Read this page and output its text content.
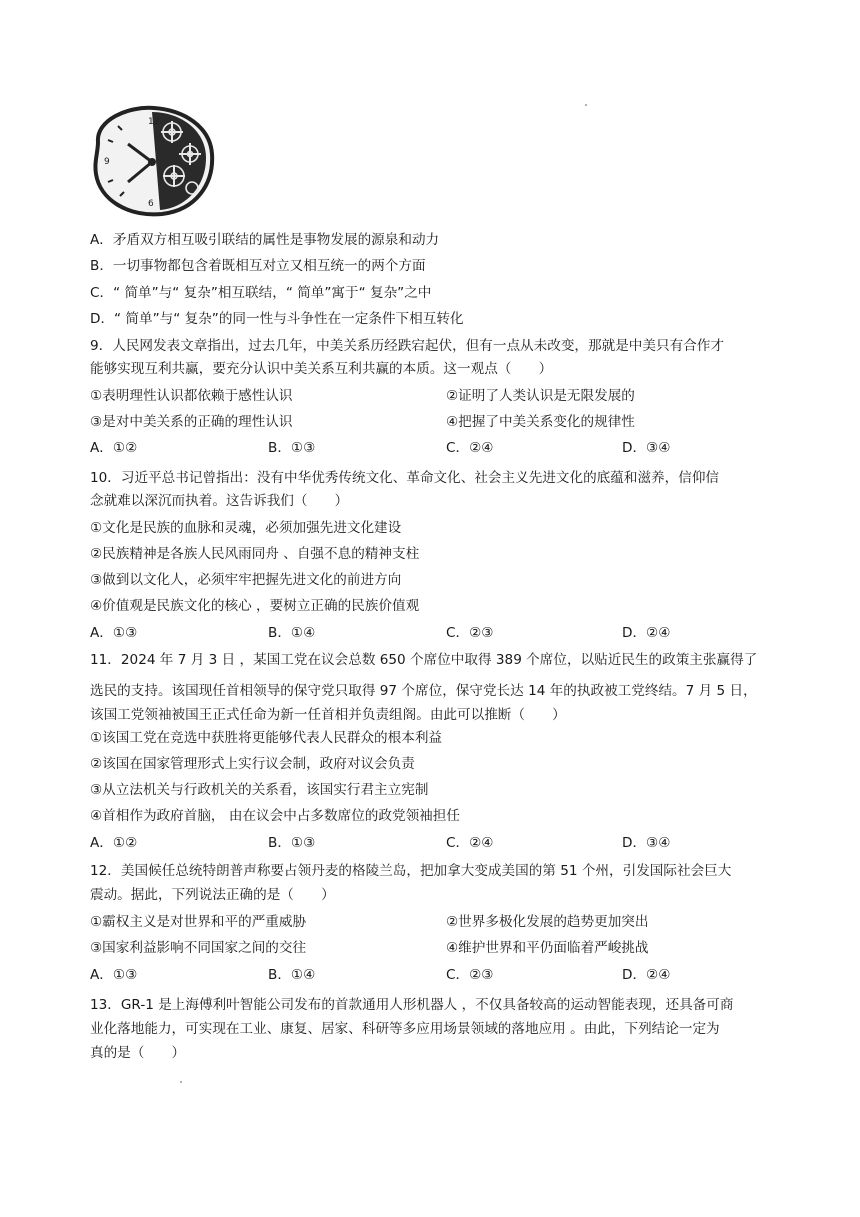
12
6
9
A．矛盾双方相互吸引联结的属性是事物发展的源泉和动力
B．一切事物都包含着既相互对立又相互统一的两个方面
C．“ 简单”与“ 复杂”相互联结，“ 简单”寓于“ 复杂”之中
D．“ 简单”与“ 复杂”的同一性与斗争性在一定条件下相互转化
9．人民网发表文章指出，过去几年，中美关系历经跌宕起伏，但有一点从未改变，那就是中美只有合作才
能够实现互利共赢，要充分认识中美关系互利共赢的本质。这一观点（　　）
①表明理性认识都依赖于感性认识	②证明了人类认识是无限发展的
③是对中美关系的正确的理性认识	④把握了中美关系变化的规律性
A．①②	B．①③	C．②④	D．③④
10．习近平总书记曾指出：没有中华优秀传统文化、革命文化、社会主义先进文化的底蕴和滋养，信仰信
念就难以深沉而执着。这告诉我们（　　）
①文化是民族的血脉和灵魂，必须加强先进文化建设
②民族精神是各族人民风雨同舟 、自强不息的精神支柱
③做到以文化人，必须牢牢把握先进文化的前进方向
④价值观是民族文化的核心 ，要树立正确的民族价值观
A．①③	B．①④	C．②③	D．②④
11．2024 年 7 月 3 日 ，某国工党在议会总数 650 个席位中取得 389 个席位，以贴近民生的政策主张赢得了
选民的支持。该国现任首相领导的保守党只取得 97 个席位，保守党长达 14 年的执政被工党终结。7 月 5 日，
该国工党领袖被国王正式任命为新一任首相并负责组阁。由此可以推断（　　）
①该国工党在竞选中获胜将更能够代表人民群众的根本利益
②该国在国家管理形式上实行议会制，政府对议会负责
③从立法机关与行政机关的关系看，该国实行君主立宪制
④首相作为政府首脑， 由在议会中占多数席位的政党领袖担任
A．①②	B．①③	C．②④	D．③④
12．美国候任总统特朗普声称要占领丹麦的格陵兰岛，把加拿大变成美国的第 51 个州，引发国际社会巨大
震动。据此，下列说法正确的是（　　）
①霸权主义是对世界和平的严重威胁	②世界多极化发展的趋势更加突出
③国家利益影响不同国家之间的交往	④维护世界和平仍面临着严峻挑战
A．①③	B．①④	C．②③	D．②④
13．GR-1 是上海傅利叶智能公司发布的首款通用人形机器人 ，不仅具备较高的运动智能表现，还具备可商
业化落地能力，可实现在工业、康复、居家、科研等多应用场景领域的落地应用 。由此，下列结论一定为
真的是（　　）
